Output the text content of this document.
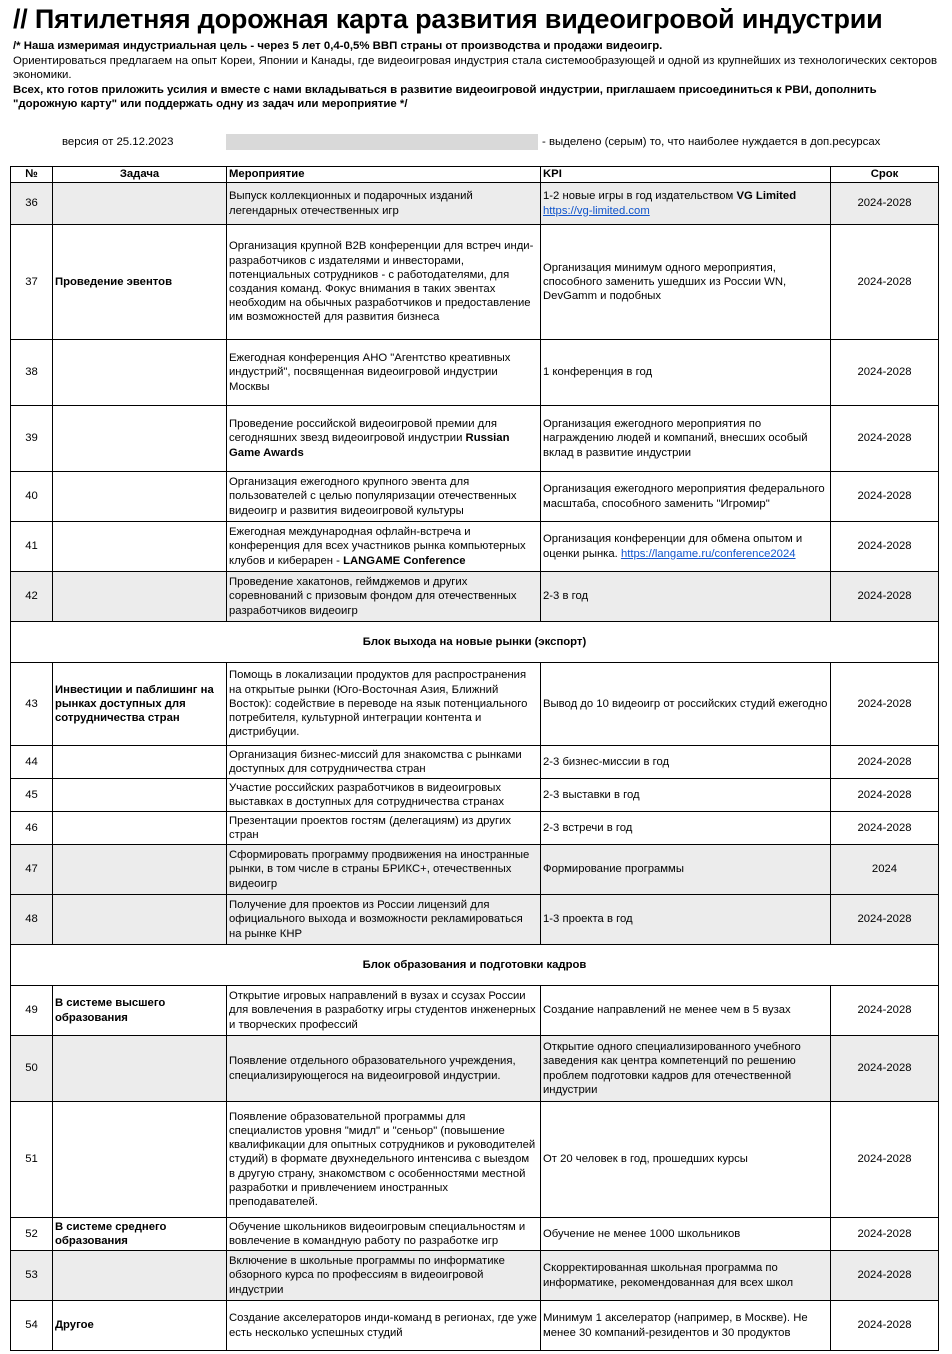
// Пятилетняя дорожная карта развития видеоигровой индустрии

/* Наша измеримая индустриальная цель - через 5 лет 0,4-0,5% ВВП страны от производства и продажи видеоигр.

Ориентироваться предлагаем на опыт Кореи, Японии и Канады, где видеоигровая индустрия стала системообразующей и одной из крупнейших из технологических секторов экономики.

Всех, кто готов приложить усилия и вместе с нами вкладываться в развитие видеоигровой индустрии, приглашаем присоединиться к РВИ, дополнить "дорожную карту" или поддержать одну из задач или мероприятие */

версия от 25.12.2023	- выделено (серым) то, что наиболее нуждается в доп.ресурсах
№	Задача	Мероприятие	KPI	Срок
36		Выпуск коллекционных и подарочных изданий легендарных отечественных игр	1-2 новые игры в год издательством VG Limited https://vg-limited.com	2024-2028
37	Проведение эвентов	Организация крупной B2B конференции для встреч инди-разработчиков с издателями и инвесторами, потенциальных сотрудников - с работодателями, для создания команд. Фокус внимания в таких эвентах необходим на обычных разработчиков и предоставление им возможностей для развития бизнеса	Организация минимум одного мероприятия, способного заменить ушедших из России WN, DevGamm и подобных	2024-2028
38		Ежегодная конференция АНО "Агентство креативных индустрий", посвященная видеоигровой индустрии Москвы	1 конференция в год	2024-2028
39		Проведение российской видеоигровой премии для сегодняшних звезд видеоигровой индустрии Russian Game Awards	Организация ежегодного мероприятия по награждению людей и компаний, внесших особый вклад в развитие индустрии	2024-2028
40		Организация ежегодного крупного эвента для пользователей с целью популяризации отечественных видеоигр и развития видеоигровой культуры	Организация ежегодного мероприятия федерального масштаба, способного заменить "Игромир"	2024-2028
41		Ежегодная международная офлайн-встреча и конференция для всех участников рынка компьютерных клубов и киберарен - LANGAME Conference	Организация конференции для обмена опытом и оценки рынка. https://langame.ru/conference2024	2024-2028
42		Проведение хакатонов, геймджемов и других соревнований с призовым фондом для отечественных разработчиков видеоигр	2-3 в год	2024-2028
Блок выхода на новые рынки (экспорт)				
43	Инвестиции и паблишинг на рынках доступных для сотрудничества стран	Помощь в локализации продуктов для распространения на открытые рынки (Юго-Восточная Азия, Ближний Восток): содействие в переводе на язык потенциального потребителя, культурной интеграции контента и дистрибуции.	Вывод до 10 видеоигр от российских студий ежегодно	2024-2028
44		Организация бизнес-миссий для знакомства с рынками доступных для сотрудничества стран	2-3 бизнес-миссии в год	2024-2028
45		Участие российских разработчиков в видеоигровых выставках в доступных для сотрудничества странах	2-3 выставки в год	2024-2028
46		Презентации проектов гостям (делегациям) из других стран	2-3 встречи в год	2024-2028
47		Сформировать программу продвижения на иностранные рынки, в том числе в страны БРИКС+, отечественных видеоигр	Формирование программы	2024
48		Получение для проектов из России лицензий для официального выхода и возможности рекламироваться на рынке КНР	1-3 проекта в год	2024-2028
Блок образования и подготовки кадров				
49	В системе высшего образования	Открытие игровых направлений в вузах и ссузах России для вовлечения в разработку игры студентов инженерных и творческих профессий	Создание направлений не менее чем в 5 вузах	2024-2028
50		Появление отдельного образовательного учреждения, специализирующегося на видеоигровой индустрии.	Открытие одного специализированного учебного заведения как центра компетенций по решению проблем подготовки кадров для отечественной индустрии	2024-2028
51		Появление образовательной программы для специалистов уровня "мидл" и "сеньор" (повышение квалификации для опытных сотрудников и руководителей студий) в формате двухнедельного интенсива с выездом в другую страну, знакомством с особенностями местной разработки и привлечением иностранных преподавателей.	От 20 человек в год, прошедших курсы	2024-2028
52	В системе среднего образования	Обучение школьников видеоигровым специальностям и вовлечение в командную работу по разработке игр	Обучение не менее 1000 школьников	2024-2028
53		Включение в школьные программы по информатике обзорного курса по профессиям в видеоигровой индустрии	Скорректированная школьная программа по информатике, рекомендованная для всех школ	2024-2028
54	Другое	Создание акселераторов инди-команд в регионах, где уже есть несколько успешных студий	Минимум 1 акселератор (например, в Москве). Не менее 30 компаний-резидентов и 30 продуктов	2024-2028
